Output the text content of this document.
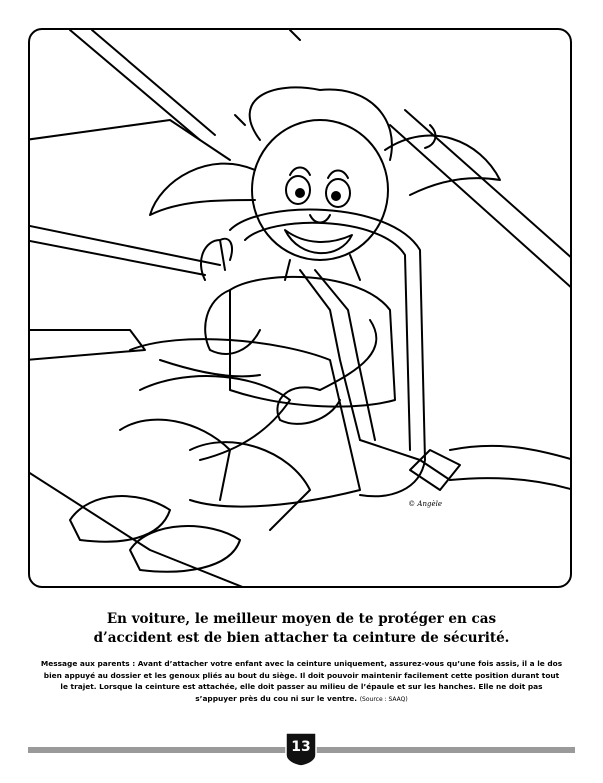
© Angèle
En voiture, le meilleur moyen de te protéger en cas
d’accident est de bien attacher ta ceinture de sécurité.

Message aux parents : Avant d’attacher votre enfant avec la ceinture uniquement, assurez-vous qu’une fois assis, il a le dos bien appuyé au dossier et les genoux pliés au bout du siège. Il doit pouvoir maintenir facilement cette position durant tout le trajet. Lorsque la ceinture est attachée, elle doit passer au milieu de l’épaule et sur les hanches. Elle ne doit pas s’appuyer près du cou ni sur le ventre. (Source : SAAQ)

13
